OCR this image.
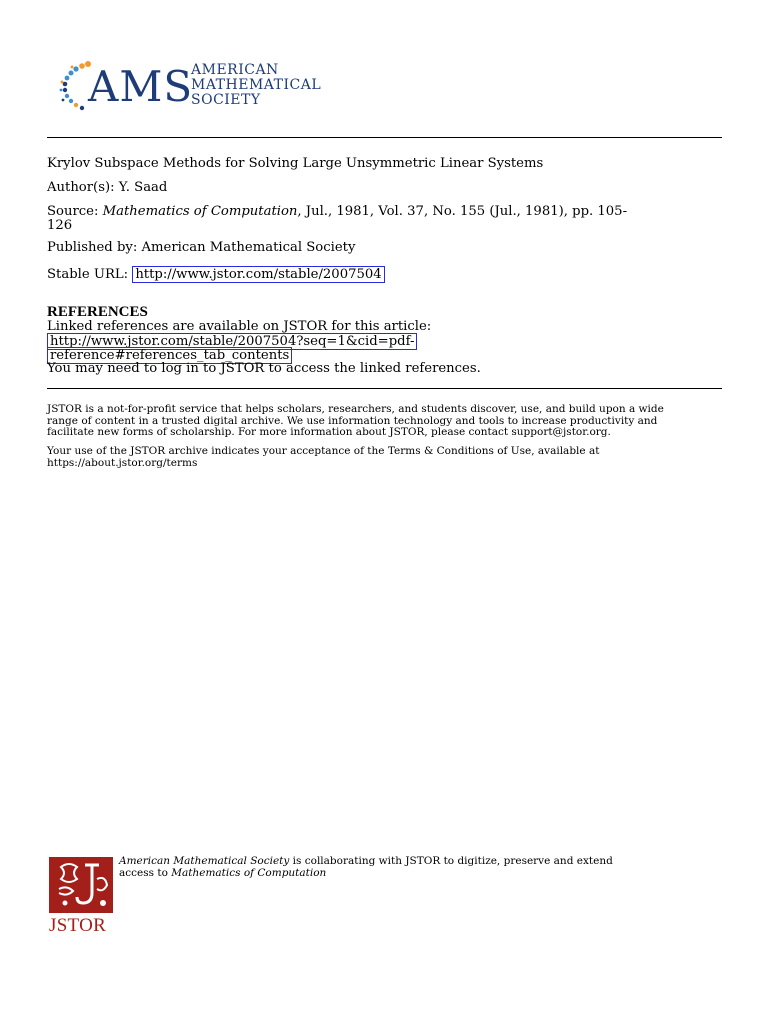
AMS
AMERICAN
MATHEMATICAL
SOCIETY
Krylov Subspace Methods for Solving Large Unsymmetric Linear Systems
Author(s): Y. Saad
Source: Mathematics of Computation, Jul., 1981, Vol. 37, No. 155 (Jul., 1981), pp. 105-
126
Published by: American Mathematical Society
Stable URL: http://www.jstor.com/stable/2007504
REFERENCES
Linked references are available on JSTOR for this article:
http://www.jstor.com/stable/2007504?seq=1&cid=pdf-
reference#references_tab_contents
You may need to log in to JSTOR to access the linked references.
JSTOR is a not-for-profit service that helps scholars, researchers, and students discover, use, and build upon a wide
range of content in a trusted digital archive. We use information technology and tools to increase productivity and
facilitate new forms of scholarship. For more information about JSTOR, please contact support@jstor.org.
Your use of the JSTOR archive indicates your acceptance of the Terms & Conditions of Use, available at
https://about.jstor.org/terms
JSTOR
American Mathematical Society is collaborating with JSTOR to digitize, preserve and extend
access to Mathematics of Computation
